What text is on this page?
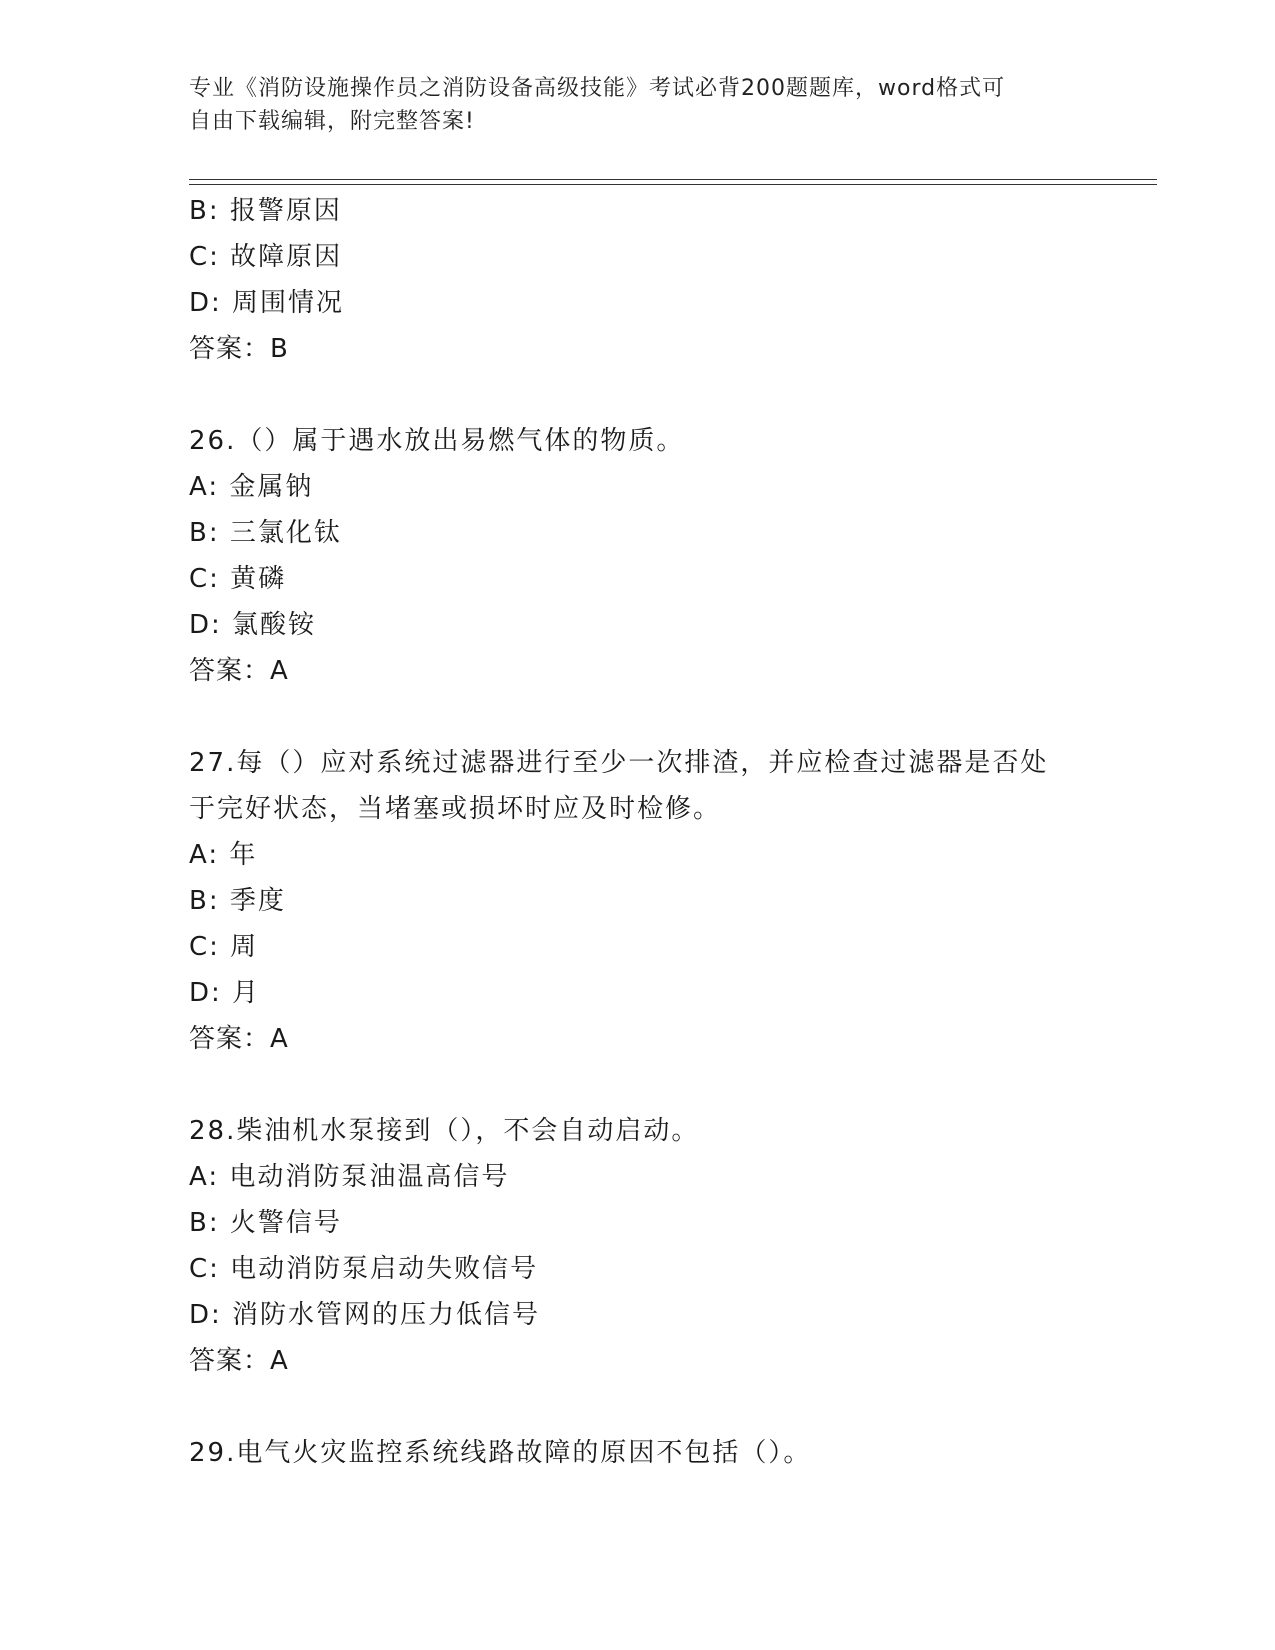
专业《消防设施操作员之消防设备高级技能》考试必背200题题库，word格式可
自由下载编辑，附完整答案!
B: 报警原因
C: 故障原因
D: 周围情况
答案：B
26.（）属于遇水放出易燃气体的物质。
A: 金属钠
B: 三氯化钛
C: 黄磷
D: 氯酸铵
答案：A
27.每（）应对系统过滤器进行至少一次排渣，并应检查过滤器是否处
于完好状态，当堵塞或损坏时应及时检修。
A: 年
B: 季度
C: 周
D: 月
答案：A
28.柴油机水泵接到（），不会自动启动。
A: 电动消防泵油温高信号
B: 火警信号
C: 电动消防泵启动失败信号
D: 消防水管网的压力低信号
答案：A
29.电气火灾监控系统线路故障的原因不包括（）。
